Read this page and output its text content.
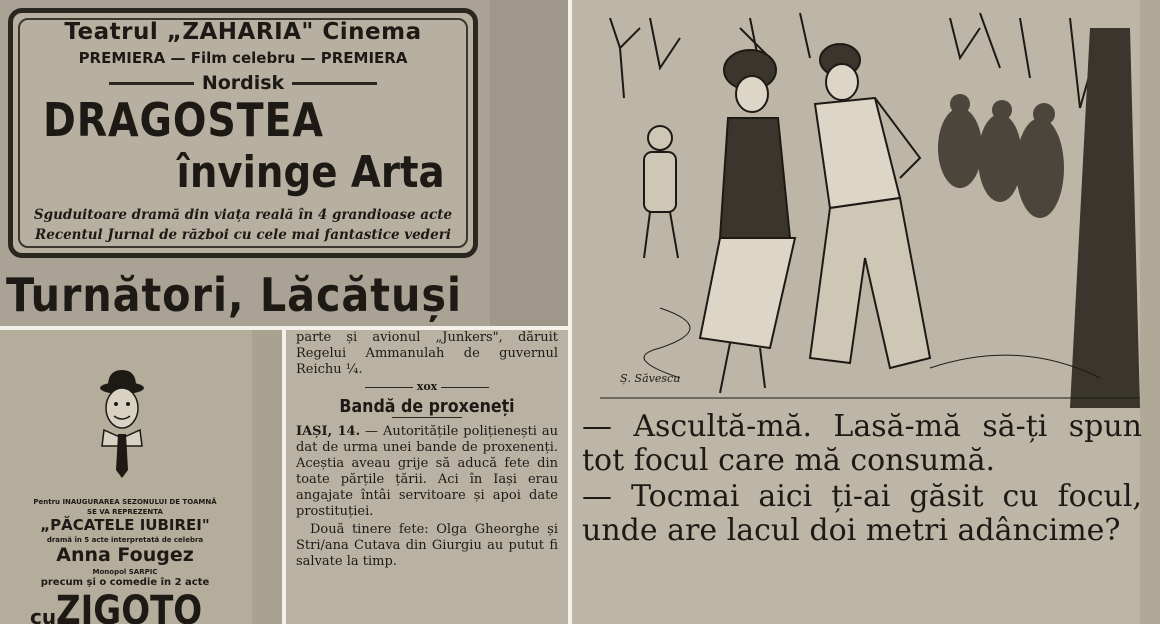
Teatrul „ZAHARIA" Cinema
PREMIERA — Film celebru — PREMIERA
Nordisk
DRAGOSTEA
învinge Arta
Sguduitoare dramă din viața reală în 4 grandioase acte
Recentul Jurnal de război cu cele mai fantastice vederi
Turnători, Lăcătuși
Pentru INAUGURAREA SEZONULUI DE TOAMNĂ
SE VA REPREZENTA
„PĂCATELE IUBIREI"
dramă în 5 acte interpretată de celebra
Anna Fougez
Monopol SARPIC
precum și o comedie în 2 acte
cuZIGOTO

parte și avionul „Junkers", dăruit Regelui Ammanulah de guvernul Reichu ¼.

xox
Bandă de proxeneți

IAȘI, 14. — Autoritățile polițienești au dat de urma unei bande de proxenenți. Aceștia aveau grije să aducă fete din toate părțile țării. Aci în Iași erau angajate întâi servitoare și apoi date prostituției.

Două tinere fete: Olga Gheorghe și Stri/ana Cutava din Giurgiu au putut fi salvate la timp.

Ș. Săvescu

— Ascultă-mă. Lasă-mă să-ți spun tot focul care mă consumă.

— Tocmai aici ți-ai găsit cu focul, unde are lacul doi metri adâncime?
